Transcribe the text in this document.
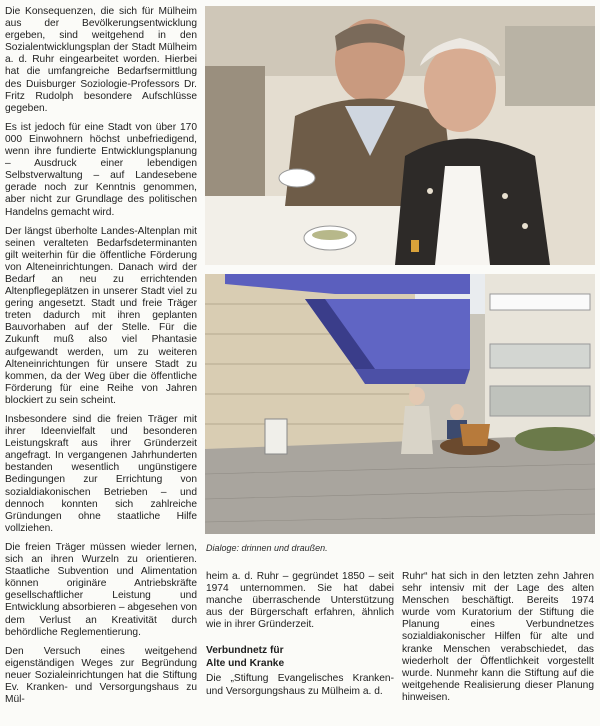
Die Konsequenzen, die sich für Mülheim aus der Bevölkerungsentwicklung ergeben, sind weitgehend in den Sozialentwicklungsplan der Stadt Mülheim a. d. Ruhr eingearbeitet worden. Hierbei hat die umfangreiche Bedarfsermittlung des Duisburger Soziologie-Professors Dr. Fritz Rudolph besondere Aufschlüsse gegeben.

Es ist jedoch für eine Stadt von über 170 000 Einwohnern höchst unbefriedigend, wenn ihre fundierte Entwicklungsplanung – Ausdruck einer lebendigen Selbstverwaltung – auf Landesebene gerade noch zur Kenntnis genommen, aber nicht zur Grundlage des politischen Handelns gemacht wird.

Der längst überholte Landes-Altenplan mit seinen veralteten Bedarfsdeterminanten gilt weiterhin für die öffentliche Förderung von Alteneinrichtungen. Danach wird der Bedarf an neu zu errichtenden Altenpflegeplätzen in unserer Stadt viel zu gering angesetzt. Stadt und freie Träger treten dadurch mit ihren geplanten Bauvorhaben auf der Stelle. Für die Zukunft muß also viel Phantasie aufgewandt werden, um zu weiteren Alteneinrichtungen für unsere Stadt zu kommen, da der Weg über die öffentliche Förderung für eine Reihe von Jahren blockiert zu sein scheint.

Insbesondere sind die freien Träger mit ihrer Ideenvielfalt und besonderen Leistungskraft aus ihrer Gründerzeit angefragt. In vergangenen Jahrhunderten bestanden wesentlich ungünstigere Bedingungen zur Errichtung von sozialdiakonischen Betrieben – und dennoch konnten sich zahlreiche Gründungen ohne staatliche Hilfe vollziehen.

Die freien Träger müssen wieder lernen, sich an ihren Wurzeln zu orientieren. Staatliche Subvention und Alimentation können originäre Antriebskräfte gesellschaftlicher Leistung und Entwicklung absorbieren – abgesehen von dem Verlust an Kreativität durch behördliche Reglementierung.

Den Versuch eines weitgehend eigenständigen Weges zur Begründung neuer Sozialeinrichtungen hat die Stiftung Ev. Kranken- und Versorgungshaus zu Mül-

Dialoge: drinnen und draußen.

heim a. d. Ruhr – gegründet 1850 – seit 1974 unternommen. Sie hat dabei manche überraschende Unterstützung aus der Bürgerschaft erfahren, ähnlich wie in ihrer Gründerzeit.

Verbundnetz für

Alte und Kranke

Die „Stiftung Evangelisches Kranken- und Versorgungshaus zu Mülheim a. d.

Ruhr“ hat sich in den letzten zehn Jahren sehr intensiv mit der Lage des alten Menschen beschäftigt. Bereits 1974 wurde vom Kuratorium der Stiftung die Planung eines Verbundnetzes sozialdiakonischer Hilfen für alte und kranke Menschen verabschiedet, das wiederholt der Öffentlichkeit vorgestellt wurde. Nunmehr kann die Stiftung auf die weitgehende Realisierung dieser Planung hinweisen.
